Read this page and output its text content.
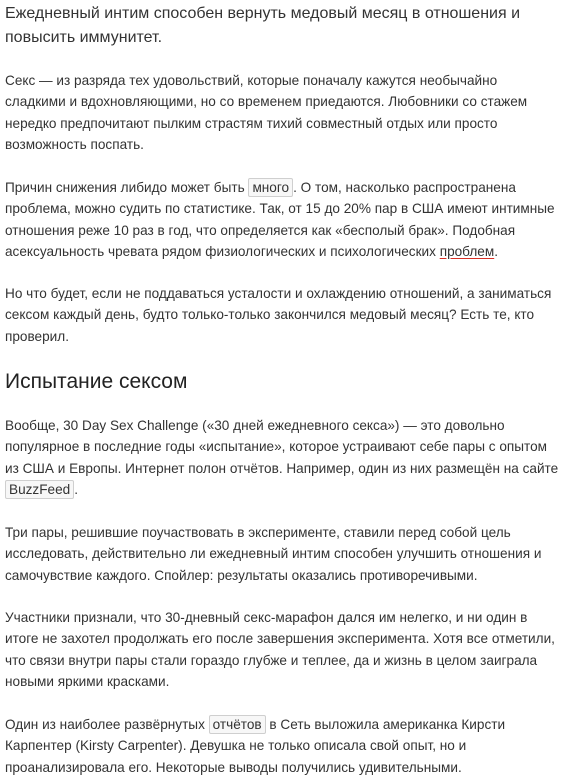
Ежедневный интим способен вернуть медовый месяц в отношения и повысить иммунитет.

Секс — из разряда тех удовольствий, которые поначалу кажутся необычайно сладкими и вдохновляющими, но со временем приедаются. Любовники со стажем нередко предпочитают пылким страстям тихий совместный отдых или просто возможность поспать.

Причин снижения либидо может быть много . О том, насколько распространена проблема, можно судить по статистике. Так, от 15 до 20% пар в США имеют интимные отношения реже 10 раз в год, что определяется как «бесполый брак». Подобная асексуальность чревата рядом физиологических и психологических проблем.

Но что будет, если не поддаваться усталости и охлаждению отношений, а заниматься сексом каждый день, будто только-только закончился медовый месяц? Есть те, кто проверил.

Испытание сексом

Вообще, 30 Day Sex Challenge («30 дней ежедневного секса») — это довольно популярное в последние годы «испытание», которое устраивают себе пары с опытом из США и Европы. Интернет полон отчётов. Например, один из них размещён на сайте BuzzFeed .

Три пары, решившие поучаствовать в эксперименте, ставили перед собой цель исследовать, действительно ли ежедневный интим способен улучшить отношения и самочувствие каждого. Спойлер: результаты оказались противоречивыми.

Участники признали, что 30-дневный секс-марафон дался им нелегко, и ни один в итоге не захотел продолжать его после завершения эксперимента. Хотя все отметили, что связи внутри пары стали гораздо глубже и теплее, да и жизнь в целом заиграла новыми яркими красками.

Один из наиболее развёрнутых отчётов в Сеть выложила американка Кирсти Карпентер (Kirsty Carpenter). Девушка не только описала свой опыт, но и проанализировала его. Некоторые выводы получились удивительными.
